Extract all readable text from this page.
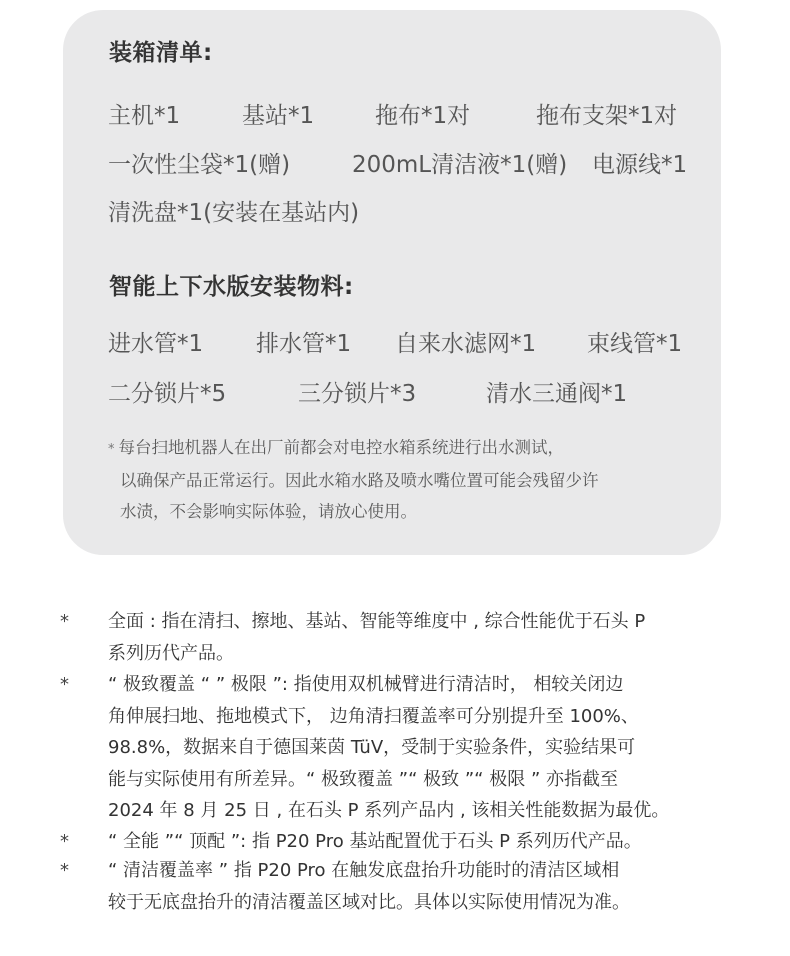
装箱清单:
主机*1	基站*1	拖布*1对	拖布支架*1对
一次性尘袋*1(赠)	200mL清洁液*1(赠) 电源线*1
清洗盘*1(安装在基站内)
智能上下水版安装物料:
进水管*1 排水管*1 自来水滤网*1 束线管*1
二分锁片*5	三分锁片*3	清水三通阀*1
* 每台扫地机器人在出厂前都会对电控水箱系统进行出水测试，
以确保产品正常运行。因此水箱水路及喷水嘴位置可能会残留少许
水渍，不会影响实际体验，请放心使用。
* 全面 : 指在清扫、擦地、基站、智能等维度中 , 综合性能优于石头 P
系列历代产品。
* “ 极致覆盖 “ ” 极限 ”: 指使用双机械臂进行清洁时， 相较关闭边
角伸展扫地、拖地模式下， 边角清扫覆盖率可分别提升至 100%、
98.8%，数据来自于德国莱茵 TüV，受制于实验条件，实验结果可
能与实际使用有所差异。“ 极致覆盖 ”“ 极致 ”“ 极限 ” 亦指截至
2024 年 8 月 25 日 , 在石头 P 系列产品内 , 该相关性能数据为最优。
* “ 全能 ”“ 顶配 ”: 指 P20 Pro 基站配置优于石头 P 系列历代产品。
* “ 清洁覆盖率 ” 指 P20 Pro 在触发底盘抬升功能时的清洁区域相
较于无底盘抬升的清洁覆盖区域对比。具体以实际使用情况为准。
